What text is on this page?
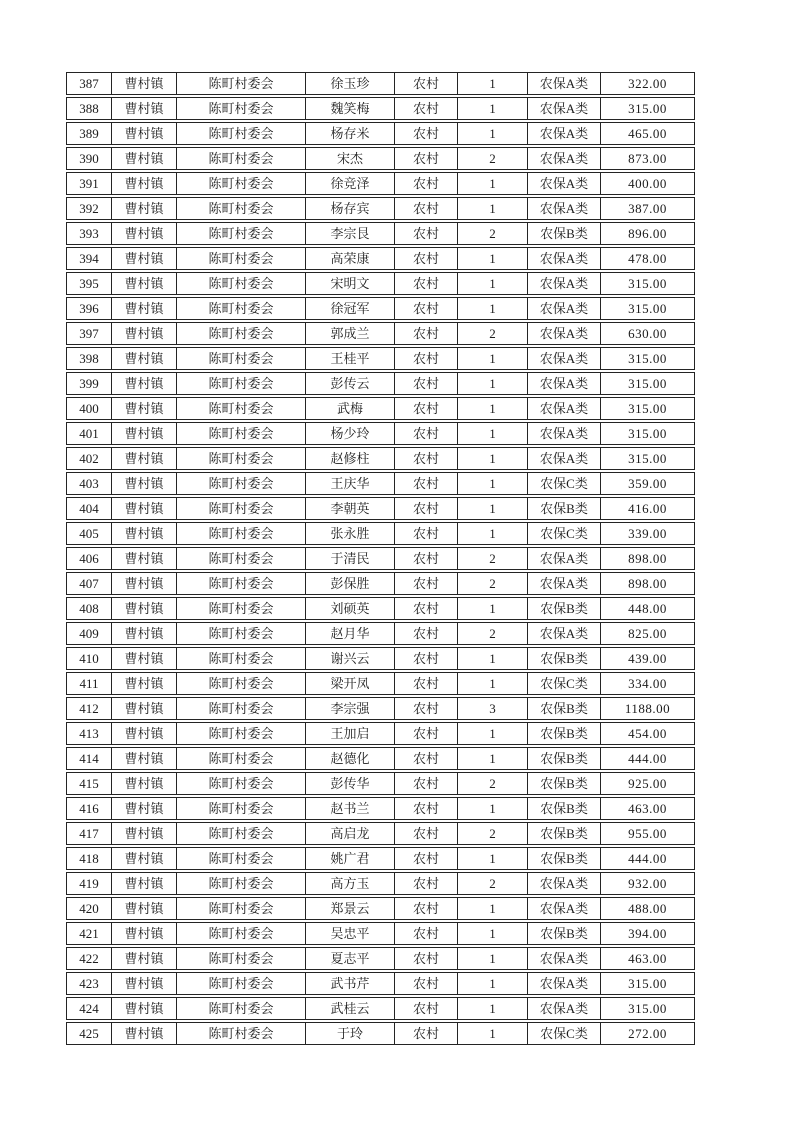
387	曹村镇	陈町村委会	徐玉珍	农村	1	农保A类	322.00
388	曹村镇	陈町村委会	魏笑梅	农村	1	农保A类	315.00
389	曹村镇	陈町村委会	杨存米	农村	1	农保A类	465.00
390	曹村镇	陈町村委会	宋杰	农村	2	农保A类	873.00
391	曹村镇	陈町村委会	徐竞泽	农村	1	农保A类	400.00
392	曹村镇	陈町村委会	杨存宾	农村	1	农保A类	387.00
393	曹村镇	陈町村委会	李宗艮	农村	2	农保B类	896.00
394	曹村镇	陈町村委会	高荣康	农村	1	农保A类	478.00
395	曹村镇	陈町村委会	宋明文	农村	1	农保A类	315.00
396	曹村镇	陈町村委会	徐冠军	农村	1	农保A类	315.00
397	曹村镇	陈町村委会	郭成兰	农村	2	农保A类	630.00
398	曹村镇	陈町村委会	王桂平	农村	1	农保A类	315.00
399	曹村镇	陈町村委会	彭传云	农村	1	农保A类	315.00
400	曹村镇	陈町村委会	武梅	农村	1	农保A类	315.00
401	曹村镇	陈町村委会	杨少玲	农村	1	农保A类	315.00
402	曹村镇	陈町村委会	赵修柱	农村	1	农保A类	315.00
403	曹村镇	陈町村委会	王庆华	农村	1	农保C类	359.00
404	曹村镇	陈町村委会	李朝英	农村	1	农保B类	416.00
405	曹村镇	陈町村委会	张永胜	农村	1	农保C类	339.00
406	曹村镇	陈町村委会	于清民	农村	2	农保A类	898.00
407	曹村镇	陈町村委会	彭保胜	农村	2	农保A类	898.00
408	曹村镇	陈町村委会	刘硕英	农村	1	农保B类	448.00
409	曹村镇	陈町村委会	赵月华	农村	2	农保A类	825.00
410	曹村镇	陈町村委会	谢兴云	农村	1	农保B类	439.00
411	曹村镇	陈町村委会	梁开凤	农村	1	农保C类	334.00
412	曹村镇	陈町村委会	李宗强	农村	3	农保B类	1188.00
413	曹村镇	陈町村委会	王加启	农村	1	农保B类	454.00
414	曹村镇	陈町村委会	赵德化	农村	1	农保B类	444.00
415	曹村镇	陈町村委会	彭传华	农村	2	农保B类	925.00
416	曹村镇	陈町村委会	赵书兰	农村	1	农保B类	463.00
417	曹村镇	陈町村委会	高启龙	农村	2	农保B类	955.00
418	曹村镇	陈町村委会	姚广君	农村	1	农保B类	444.00
419	曹村镇	陈町村委会	高方玉	农村	2	农保A类	932.00
420	曹村镇	陈町村委会	郑景云	农村	1	农保A类	488.00
421	曹村镇	陈町村委会	吴忠平	农村	1	农保B类	394.00
422	曹村镇	陈町村委会	夏志平	农村	1	农保A类	463.00
423	曹村镇	陈町村委会	武书芹	农村	1	农保A类	315.00
424	曹村镇	陈町村委会	武桂云	农村	1	农保A类	315.00
425	曹村镇	陈町村委会	于玲	农村	1	农保C类	272.00
